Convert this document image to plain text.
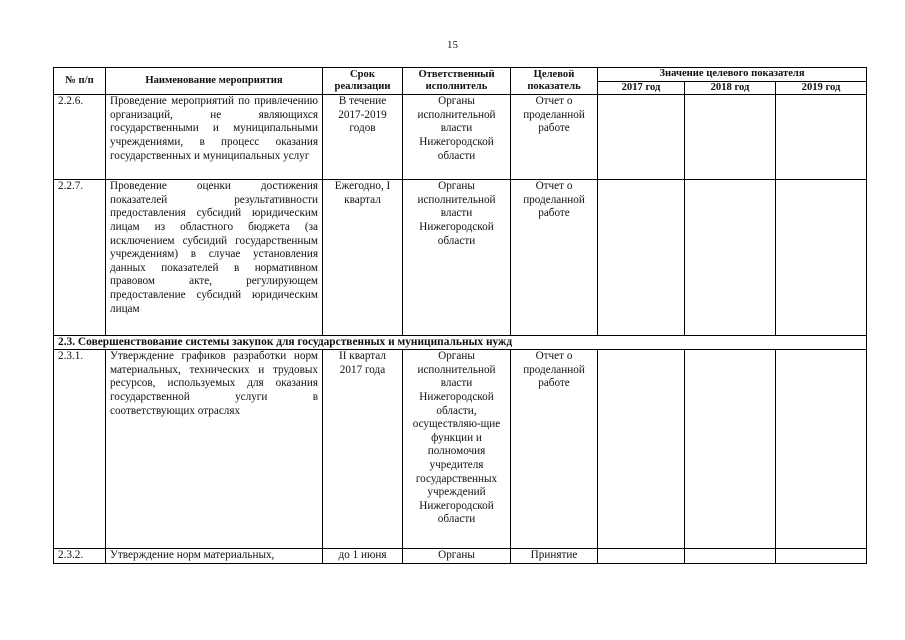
15
№ п/п	Наименование мероприятия	Срок реализации	Ответственный исполнитель	Целевой показатель	Значение целевого показателя		
					2017 год	2018 год	2019 год
2.2.6.	Проведение мероприятий по привлечению организаций, не являющихся государственными и муниципальными учреждениями, в процесс оказания государственных и муниципальных услуг	В течение 2017-2019 годов	Органы исполнительной власти Нижегородской области	Отчет о проделанной работе			
2.2.7.	Проведение оценки достижения показателей результативности предоставления субсидий юридическим лицам из областного бюджета (за исключением субсидий государственным учреждениям) в случае установления данных показателей в нормативном правовом акте, регулирующем предоставление субсидий юридическим лицам	Ежегодно, I квартал	Органы исполнительной власти Нижегородской области	Отчет о проделанной работе			
2.3. Совершенствование системы закупок для государственных и муниципальных нужд							
2.3.1.	Утверждение графиков разработки норм материальных, технических и трудовых ресурсов, используемых для оказания государственной услуги в соответствующих отраслях	II квартал 2017 года	Органы исполнительной власти Нижегородской области, осуществляю-щие функции и полномочия учредителя государственных учреждений Нижегородской области	Отчет о проделанной работе			
2.3.2.	Утверждение норм материальных,	до 1 июня	Органы	Принятие			
